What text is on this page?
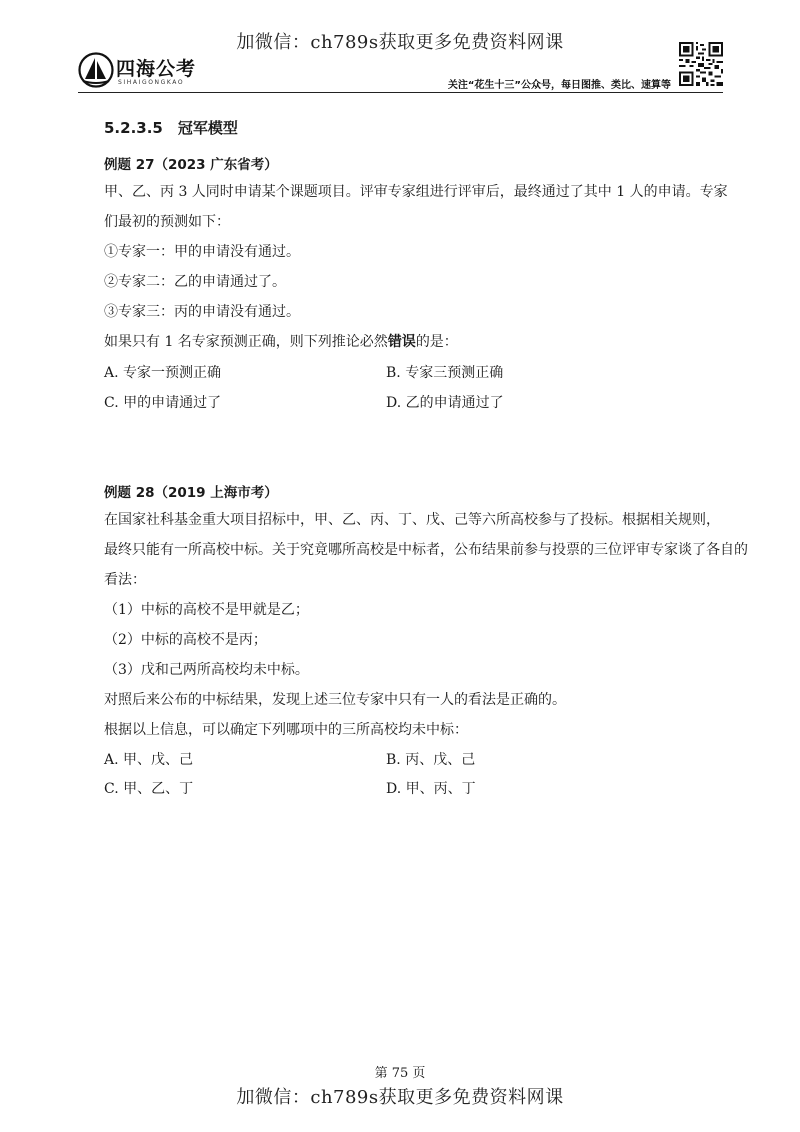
加微信：ch789s获取更多免费资料网课
四海公考
SIHAIGONGKAO	关注“花生十三”公众号，每日图推、类比、速算等
5.2.3.5　冠军模型
例题 27（2023 广东省考）
甲、乙、丙 3 人同时申请某个课题项目。评审专家组进行评审后，最终通过了其中 1 人的申请。专家
们最初的预测如下：
①专家一：甲的申请没有通过。
②专家二：乙的申请通过了。
③专家三：丙的申请没有通过。
如果只有 1 名专家预测正确，则下列推论必然错误的是：
A. 专家一预测正确	B. 专家三预测正确
C. 甲的申请通过了	D. 乙的申请通过了
例题 28（2019 上海市考）
在国家社科基金重大项目招标中，甲、乙、丙、丁、戊、己等六所高校参与了投标。根据相关规则，
最终只能有一所高校中标。关于究竟哪所高校是中标者，公布结果前参与投票的三位评审专家谈了各自的
看法：
（1）中标的高校不是甲就是乙；
（2）中标的高校不是丙；
（3）戊和己两所高校均未中标。
对照后来公布的中标结果，发现上述三位专家中只有一人的看法是正确的。
根据以上信息，可以确定下列哪项中的三所高校均未中标：
A. 甲、戊、己	B. 丙、戊、己
C. 甲、乙、丁	D. 甲、丙、丁
第 75 页
加微信：ch789s获取更多免费资料网课
